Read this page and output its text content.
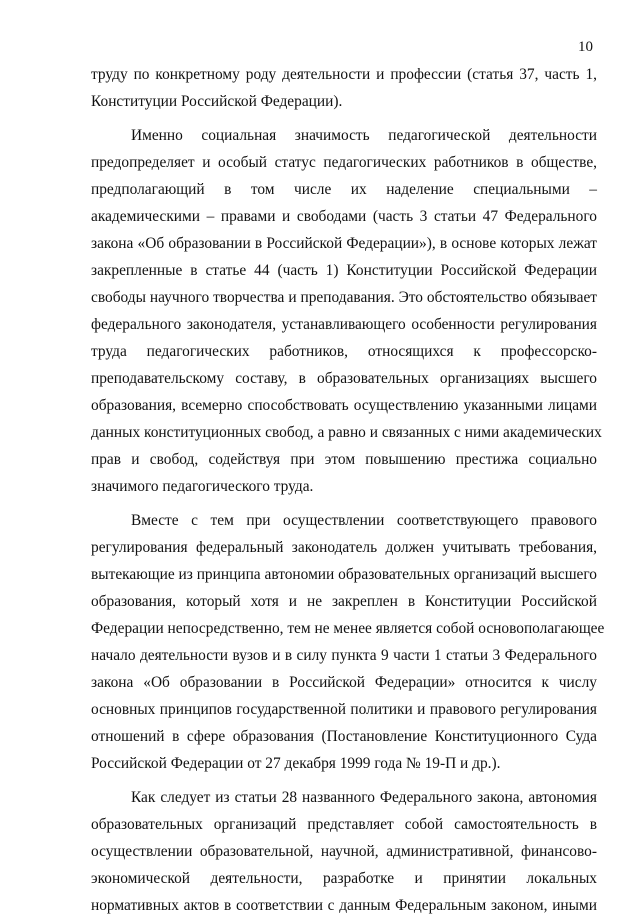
10
труду по конкретному роду деятельности и профессии (статья 37, часть 1,
Конституции Российской Федерации).
Именно социальная значимость педагогической деятельности
предопределяет и особый статус педагогических работников в обществе,
предполагающий в том числе их наделение специальными –
академическими – правами и свободами (часть 3 статьи 47 Федерального
закона «Об образовании в Российской Федерации»), в основе которых лежат
закрепленные в статье 44 (часть 1) Конституции Российской Федерации
свободы научного творчества и преподавания. Это обстоятельство обязывает
федерального законодателя, устанавливающего особенности регулирования
труда педагогических работников, относящихся к профессорско-
преподавательскому составу, в образовательных организациях высшего
образования, всемерно способствовать осуществлению указанными лицами
данных конституционных свобод, а равно и связанных с ними академических
прав и свобод, содействуя при этом повышению престижа социально
значимого педагогического труда.
Вместе с тем при осуществлении соответствующего правового
регулирования федеральный законодатель должен учитывать требования,
вытекающие из принципа автономии образовательных организаций высшего
образования, который хотя и не закреплен в Конституции Российской
Федерации непосредственно, тем не менее является собой основополагающее
начало деятельности вузов и в силу пункта 9 части 1 статьи 3 Федерального
закона «Об образовании в Российской Федерации» относится к числу
основных принципов государственной политики и правового регулирования
отношений в сфере образования (Постановление Конституционного Суда
Российской Федерации от 27 декабря 1999 года № 19-П и др.).
Как следует из статьи 28 названного Федерального закона, автономия
образовательных организаций представляет собой самостоятельность в
осуществлении образовательной, научной, административной, финансово-
экономической деятельности, разработке и принятии локальных
нормативных актов в соответствии с данным Федеральным законом, иными
